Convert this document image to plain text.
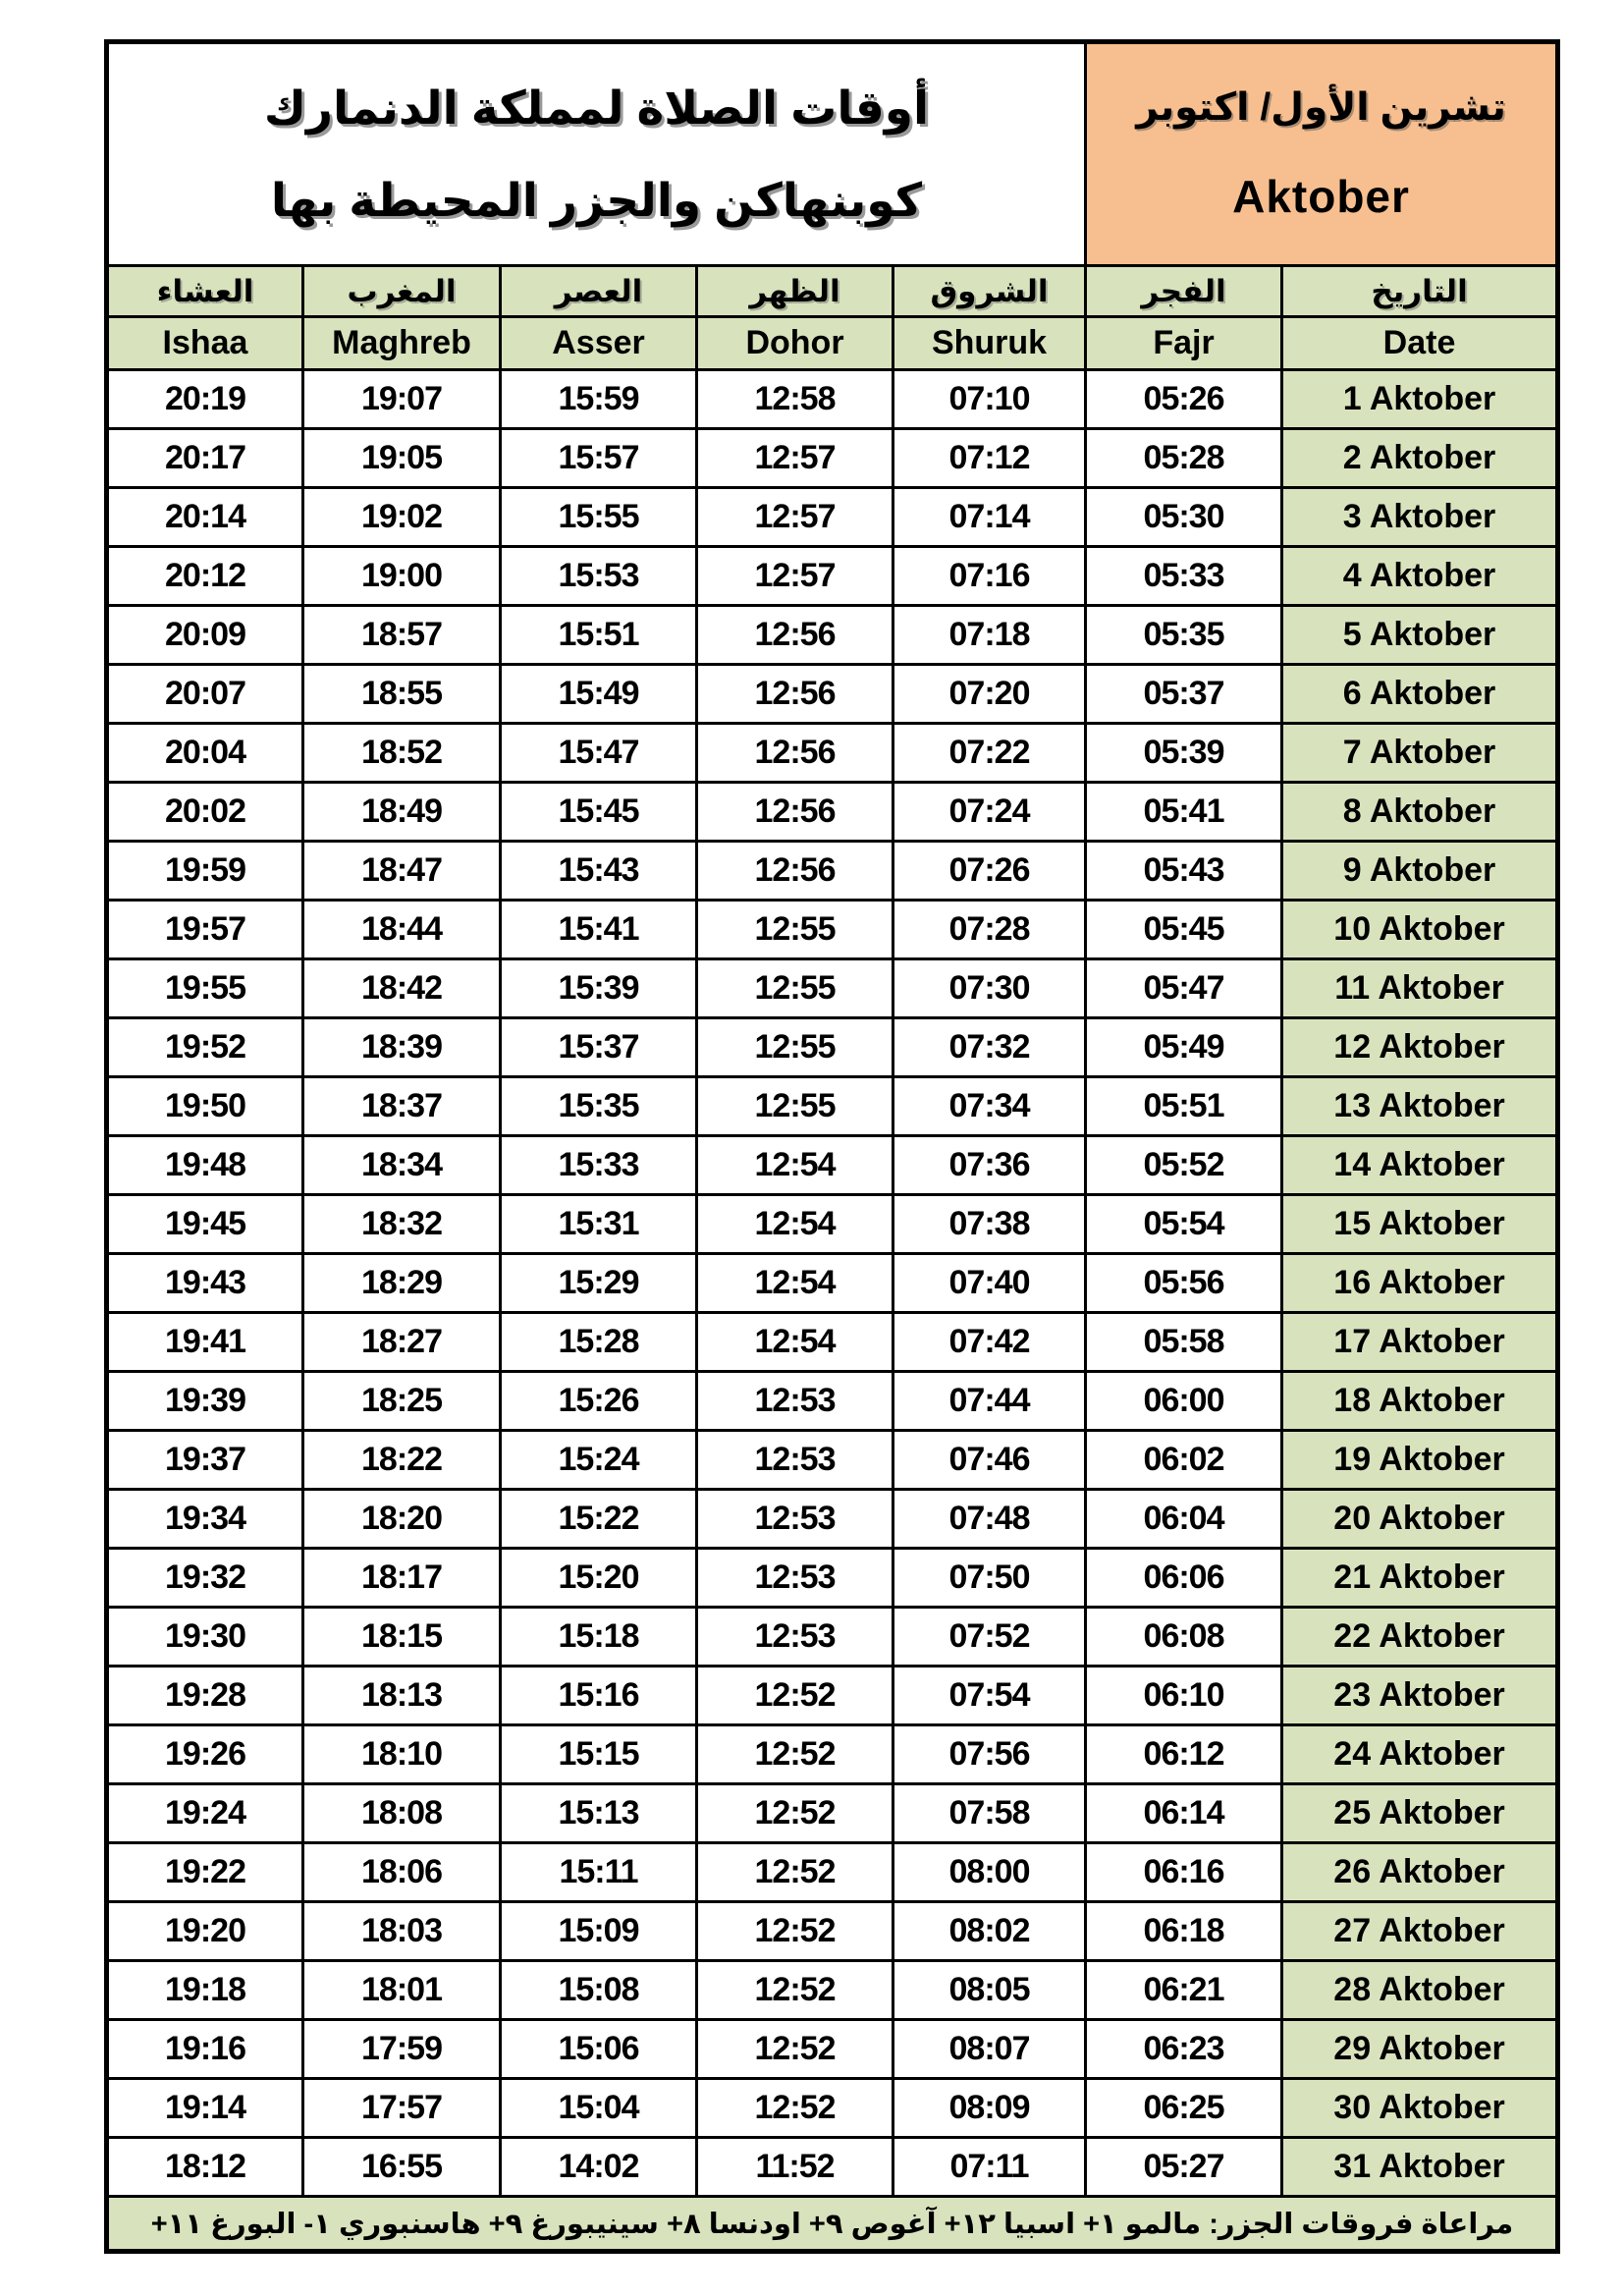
أوقات الصلاة لمملكة الدنمارك
كوبنهاكن والجزر المحيطة بها

تشرين الأول/ اكتوبر
Aktober

العشاء	المغرب	العصر	الظهر	الشروق	الفجر	التاريخ
Ishaa	Maghreb	Asser	Dohor	Shuruk	Fajr	Date
20:19	19:07	15:59	12:58	07:10	05:26	1 Aktober
20:17	19:05	15:57	12:57	07:12	05:28	2 Aktober
20:14	19:02	15:55	12:57	07:14	05:30	3 Aktober
20:12	19:00	15:53	12:57	07:16	05:33	4 Aktober
20:09	18:57	15:51	12:56	07:18	05:35	5 Aktober
20:07	18:55	15:49	12:56	07:20	05:37	6 Aktober
20:04	18:52	15:47	12:56	07:22	05:39	7 Aktober
20:02	18:49	15:45	12:56	07:24	05:41	8 Aktober
19:59	18:47	15:43	12:56	07:26	05:43	9 Aktober
19:57	18:44	15:41	12:55	07:28	05:45	10 Aktober
19:55	18:42	15:39	12:55	07:30	05:47	11 Aktober
19:52	18:39	15:37	12:55	07:32	05:49	12 Aktober
19:50	18:37	15:35	12:55	07:34	05:51	13 Aktober
19:48	18:34	15:33	12:54	07:36	05:52	14 Aktober
19:45	18:32	15:31	12:54	07:38	05:54	15 Aktober
19:43	18:29	15:29	12:54	07:40	05:56	16 Aktober
19:41	18:27	15:28	12:54	07:42	05:58	17 Aktober
19:39	18:25	15:26	12:53	07:44	06:00	18 Aktober
19:37	18:22	15:24	12:53	07:46	06:02	19 Aktober
19:34	18:20	15:22	12:53	07:48	06:04	20 Aktober
19:32	18:17	15:20	12:53	07:50	06:06	21 Aktober
19:30	18:15	15:18	12:53	07:52	06:08	22 Aktober
19:28	18:13	15:16	12:52	07:54	06:10	23 Aktober
19:26	18:10	15:15	12:52	07:56	06:12	24 Aktober
19:24	18:08	15:13	12:52	07:58	06:14	25 Aktober
19:22	18:06	15:11	12:52	08:00	06:16	26 Aktober
19:20	18:03	15:09	12:52	08:02	06:18	27 Aktober
19:18	18:01	15:08	12:52	08:05	06:21	28 Aktober
19:16	17:59	15:06	12:52	08:07	06:23	29 Aktober
19:14	17:57	15:04	12:52	08:09	06:25	30 Aktober
18:12	16:55	14:02	11:52	07:11	05:27	31 Aktober
مراعاة فروقات الجزر: مالمو ١+ اسبيا ١٢+ آغوص ٩+ اودنسا ٨+ سينيبورغ ٩+ هاسنبوري ١- البورغ ١١+						
